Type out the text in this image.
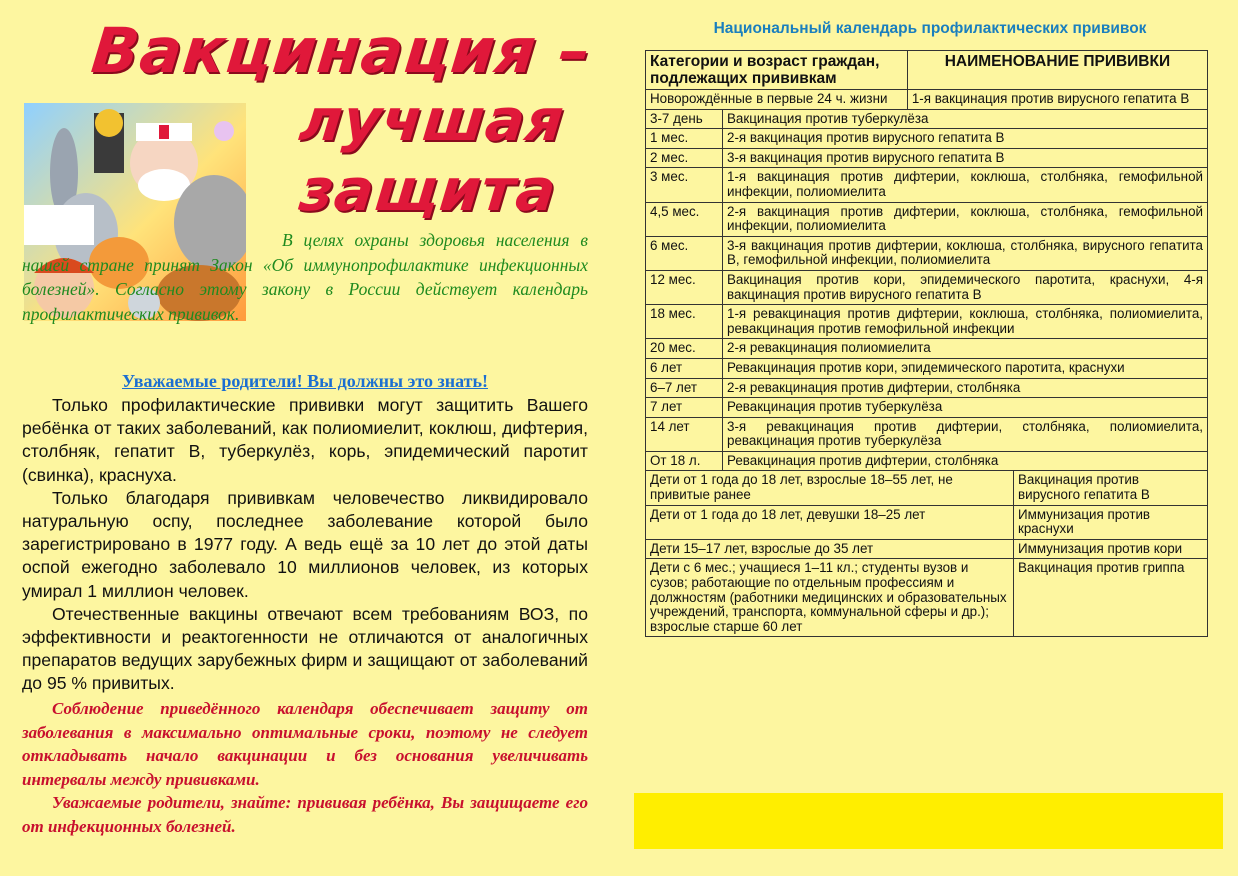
Вакцинация –
лучшая
защита
В целях охраны здоровья населения в нашей стране принят Закон «Об иммунопрофилактике инфекционных болезней». Согласно этому закону в России действует календарь профилактических прививок.
Уважаемые родители! Вы должны это знать!

Только профилактические прививки могут защитить Вашего ребёнка от таких заболеваний, как полиомиелит, коклюш, дифтерия, столбняк, гепатит В, туберкулёз, корь, эпидемический паротит (свинка), краснуха.

Только благодаря прививкам человечество ликвидировало натуральную оспу, последнее заболевание которой было зарегистрировано в 1977 году. А ведь ещё за 10 лет до этой даты оспой ежегодно заболевало 10 миллионов человек, из которых умирал 1 миллион человек.

Отечественные вакцины отвечают всем требованиям ВОЗ, по эффективности и реактогенности не отличаются от аналогичных препаратов ведущих зарубежных фирм и защищают от заболеваний до 95 % привитых.

Соблюдение приведённого календаря обеспечивает защиту от заболевания в максимально оптимальные сроки, поэтому не следует откладывать начало вакцинации и без основания увеличивать интервалы между прививками.

Уважаемые родители, знайте: прививая ребёнка, Вы защищаете его от инфекционных болезней.

Национальный календарь профилактических прививок
Категории и возраст граждан, подлежащих прививкам		НАИМЕНОВАНИЕ ПРИВИВКИ	
Новорождённые в первые 24 ч. жизни		1-я вакцинация против вирусного гепатита В	
3-7 день	Вакцинация против туберкулёза		
1 мес.	2-я вакцинация против вирусного гепатита В		
2 мес.	3-я вакцинация против вирусного гепатита В		
3 мес.	1-я вакцинация против дифтерии, коклюша, столбняка, гемофильной инфекции, полиомиелита		
4,5 мес.	2-я вакцинация против дифтерии, коклюша, столбняка, гемофильной инфекции, полиомиелита		
6 мес.	3-я вакцинация против дифтерии, коклюша, столбняка, вирусного гепатита В, гемофильной инфекции, полиомиелита		
12 мес.	Вакцинация против кори, эпидемического паротита, краснухи, 4-я вакцинация против вирусного гепатита В		
18 мес.	1-я ревакцинация против дифтерии, коклюша, столбняка, полиомиелита, ревакцинация против гемофильной инфекции		
20 мес.	2-я ревакцинация полиомиелита		
6 лет	Ревакцинация против кори, эпидемического паротита, краснухи		
6–7 лет	2-я ревакцинация против дифтерии, столбняка		
7 лет	Ревакцинация против туберкулёза		
14 лет	3-я ревакцинация против дифтерии, столбняка, полиомиелита, ревакцинация против туберкулёза		
От 18 л.	Ревакцинация против дифтерии, столбняка		
Дети от 1 года до 18 лет, взрослые 18–55 лет, не привитые ранее			Вакцинация против вирусного гепатита В
Дети от 1 года до 18 лет, девушки 18–25 лет			Иммунизация против краснухи
Дети 15–17 лет, взрослые до 35 лет			Иммунизация против кори
Дети с 6 мес.; учащиеся 1–11 кл.; студенты вузов и сузов; работающие по отдельным профессиям и должностям (работники медицинских и образовательных учреждений, транспорта, коммунальной сферы и др.); взрослые старше 60 лет			Вакцинация против гриппа
